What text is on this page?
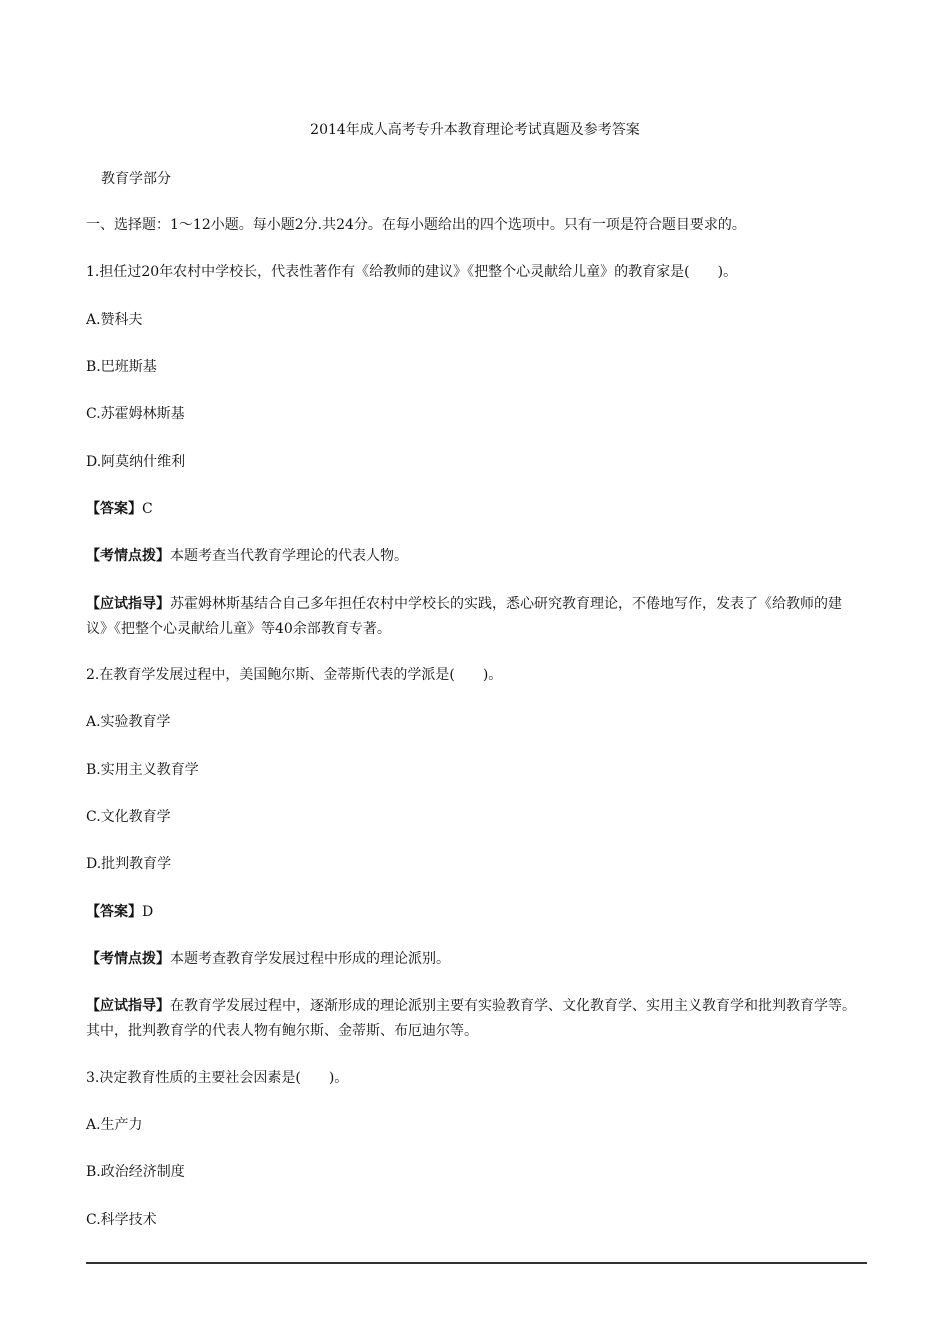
2014年成人高考专升本教育理论考试真题及参考答案
教育学部分
一、选择题：1～12小题。每小题2分.共24分。在每小题给出的四个选项中。只有一项是符合题目要求的。
1.担任过20年农村中学校长，代表性著作有《给教师的建议》《把整个心灵献给儿童》的教育家是(　　)。
A.赞科夫
B.巴班斯基
C.苏霍姆林斯基
D.阿莫纳什维利
【答案】C
【考情点拨】本题考查当代教育学理论的代表人物。
【应试指导】苏霍姆林斯基结合自己多年担任农村中学校长的实践，悉心研究教育理论，不倦地写作，发表了《给教师的建
议》《把整个心灵献给儿童》等40余部教育专著。
2.在教育学发展过程中，美国鲍尔斯、金蒂斯代表的学派是(　　)。
A.实验教育学
B.实用主义教育学
C.文化教育学
D.批判教育学
【答案】D
【考情点拨】本题考查教育学发展过程中形成的理论派别。
【应试指导】在教育学发展过程中，逐渐形成的理论派别主要有实验教育学、文化教育学、实用主义教育学和批判教育学等。
其中，批判教育学的代表人物有鲍尔斯、金蒂斯、布厄迪尔等。
3.决定教育性质的主要社会因素是(　　)。
A.生产力
B.政治经济制度
C.科学技术
